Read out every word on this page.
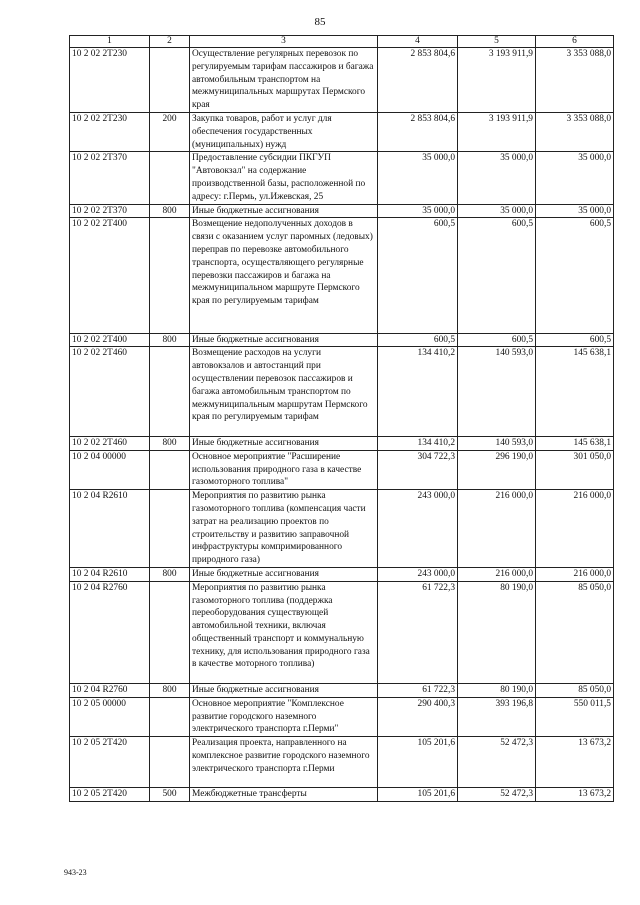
85
1	2	3	4	5	6
10 2 02 2Т230		Осуществление регулярных перевозок по регулируемым тарифам пассажиров и багажа автомобильным транспортом на межмуниципальных маршрутах Пермского края	2 853 804,6	3 193 911,9	3 353 088,0
10 2 02 2Т230	200	Закупка товаров, работ и услуг для обеспечения государственных (муниципальных) нужд	2 853 804,6	3 193 911,9	3 353 088,0
10 2 02 2Т370		Предоставление субсидии ПКГУП "Автовокзал" на содержание производственной базы, расположенной по адресу: г.Пермь, ул.Ижевская, 25	35 000,0	35 000,0	35 000,0
10 2 02 2Т370	800	Иные бюджетные ассигнования	35 000,0	35 000,0	35 000,0
10 2 02 2Т400		Возмещение недополученных доходов в связи с оказанием услуг паромных (ледовых) переправ по перевозке автомобильного транспорта, осуществляющего регулярные перевозки пассажиров и багажа на межмуниципальном маршруте Пермского края по регулируемым тарифам	600,5	600,5	600,5
10 2 02 2Т400	800	Иные бюджетные ассигнования	600,5	600,5	600,5
10 2 02 2Т460		Возмещение расходов на услуги автовокзалов и автостанций при осуществлении перевозок пассажиров и багажа автомобильным транспортом по межмуниципальным маршрутам Пермского края по регулируемым тарифам	134 410,2	140 593,0	145 638,1
10 2 02 2Т460	800	Иные бюджетные ассигнования	134 410,2	140 593,0	145 638,1
10 2 04 00000		Основное мероприятие "Расширение использования природного газа в качестве газомоторного топлива"	304 722,3	296 190,0	301 050,0
10 2 04 R2610		Мероприятия по развитию рынка газомоторного топлива (компенсация части затрат на реализацию проектов по строительству и развитию заправочной инфраструктуры компримированного природного газа)	243 000,0	216 000,0	216 000,0
10 2 04 R2610	800	Иные бюджетные ассигнования	243 000,0	216 000,0	216 000,0
10 2 04 R2760		Мероприятия по развитию рынка газомоторного топлива (поддержка переоборудования существующей автомобильной техники, включая общественный транспорт и коммунальную технику, для использования природного газа в качестве моторного топлива)	61 722,3	80 190,0	85 050,0
10 2 04 R2760	800	Иные бюджетные ассигнования	61 722,3	80 190,0	85 050,0
10 2 05 00000		Основное мероприятие "Комплексное развитие городского наземного электрического транспорта г.Перми"	290 400,3	393 196,8	550 011,5
10 2 05 2Т420		Реализация проекта, направленного на комплексное развитие городского наземного электрического транспорта г.Перми	105 201,6	52 472,3	13 673,2
10 2 05 2Т420	500	Межбюджетные трансферты	105 201,6	52 472,3	13 673,2
943-23
